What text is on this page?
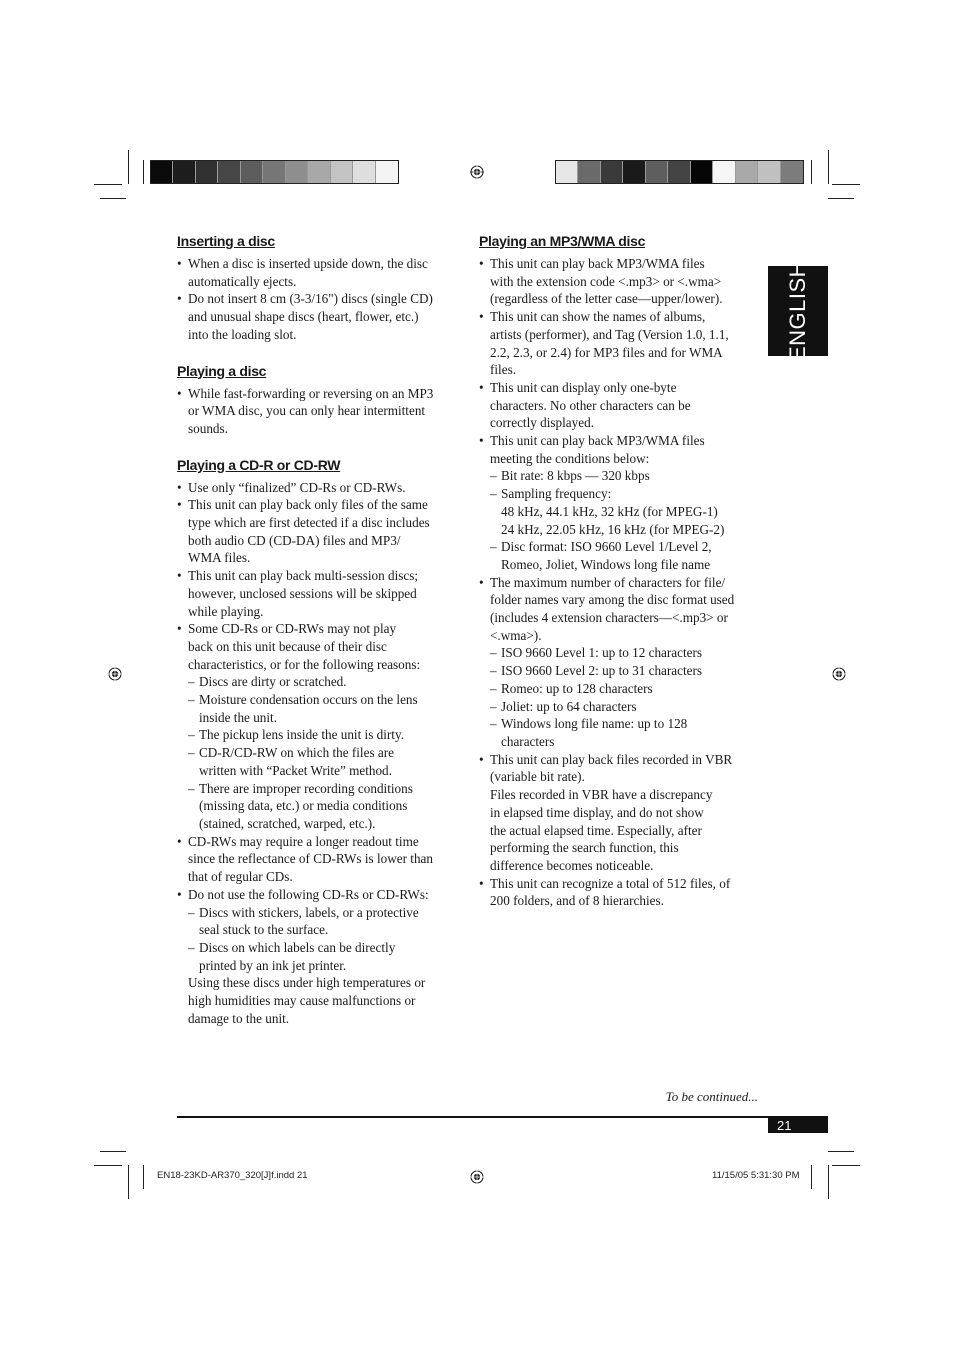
ENGLISH
Inserting a disc
• When a disc is inserted upside down, the disc
automatically ejects.
• Do not insert 8 cm (3-3/16") discs (single CD)
and unusual shape discs (heart, flower, etc.)
into the loading slot.
Playing a disc
• While fast-forwarding or reversing on an MP3
or WMA disc, you can only hear intermittent
sounds.
Playing a CD-R or CD-RW
• Use only “finalized” CD-Rs or CD-RWs.
• This unit can play back only files of the same
type which are first detected if a disc includes
both audio CD (CD-DA) files and MP3/
WMA files.
• This unit can play back multi-session discs;
however, unclosed sessions will be skipped
while playing.
• Some CD-Rs or CD-RWs may not play
back on this unit because of their disc
characteristics, or for the following reasons:
– Discs are dirty or scratched.
– Moisture condensation occurs on the lens
inside the unit.
– The pickup lens inside the unit is dirty.
– CD-R/CD-RW on which the files are
written with “Packet Write” method.
– There are improper recording conditions
(missing data, etc.) or media conditions
(stained, scratched, warped, etc.).
• CD-RWs may require a longer readout time
since the reflectance of CD-RWs is lower than
that of regular CDs.
• Do not use the following CD-Rs or CD-RWs:
– Discs with stickers, labels, or a protective
seal stuck to the surface.
– Discs on which labels can be directly
printed by an ink jet printer.
Using these discs under high temperatures or
high humidities may cause malfunctions or
damage to the unit.
Playing an MP3/WMA disc
• This unit can play back MP3/WMA files
with the extension code <.mp3> or <.wma>
(regardless of the letter case—upper/lower).
• This unit can show the names of albums,
artists (performer), and Tag (Version 1.0, 1.1,
2.2, 2.3, or 2.4) for MP3 files and for WMA
files.
• This unit can display only one-byte
characters. No other characters can be
correctly displayed.
• This unit can play back MP3/WMA files
meeting the conditions below:
– Bit rate: 8 kbps — 320 kbps
– Sampling frequency:
48 kHz, 44.1 kHz, 32 kHz (for MPEG-1)
24 kHz, 22.05 kHz, 16 kHz (for MPEG-2)
– Disc format: ISO 9660 Level 1/Level 2,
Romeo, Joliet, Windows long file name
• The maximum number of characters for file/
folder names vary among the disc format used
(includes 4 extension characters—<.mp3> or
<.wma>).
– ISO 9660 Level 1: up to 12 characters
– ISO 9660 Level 2: up to 31 characters
– Romeo: up to 128 characters
– Joliet: up to 64 characters
– Windows long file name: up to 128
characters
• This unit can play back files recorded in VBR
(variable bit rate).
Files recorded in VBR have a discrepancy
in elapsed time display, and do not show
the actual elapsed time. Especially, after
performing the search function, this
difference becomes noticeable.
• This unit can recognize a total of 512 files, of
200 folders, and of 8 hierarchies.
To be continued...
21
EN18-23KD-AR370_320[J]f.indd 21	11/15/05 5:31:30 PM
